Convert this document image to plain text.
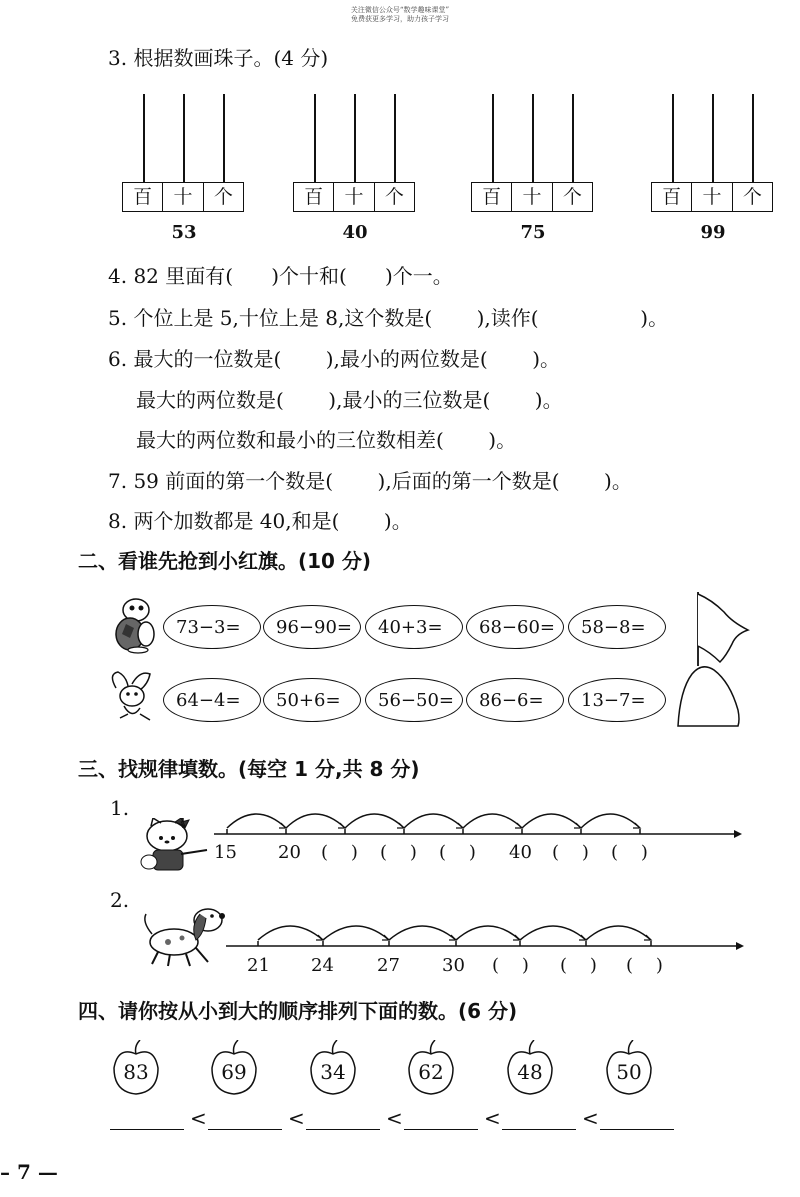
关注微信公众号“数学趣味课堂”
免费获更多学习，助力孩子学习
3. 根据数画珠子。(4 分)
百	十	个
53
百	十	个
40
百	十	个
75
百	十	个
99
4. 82 里面有(      )个十和(      )个一。
5. 个位上是 5,十位上是 8,这个数是(       ),读作(                )。
6. 最大的一位数是(       ),最小的两位数是(       )。
最大的两位数是(       ),最小的三位数是(       )。
最大的两位数和最小的三位数相差(       )。
7. 59 前面的第一个数是(       ),后面的第一个数是(       )。
8. 两个加数都是 40,和是(       )。
二、看谁先抢到小红旗。(10 分)
73−3=	96−90=	40+3=	68−60=	58−8=
64−4=	50+6=	56−50=	86−6=	13−7=
三、找规律填数。(每空 1 分,共 8 分)
1.
15 20 (    ) (    ) (    ) 40 (    ) (    )
2.
21 24 27 30 (    ) (    ) (    )
四、请你按从小到大的顺序排列下面的数。(6 分)
83	69	34	62	48	50
<	<	<	<	<
– 7 —
